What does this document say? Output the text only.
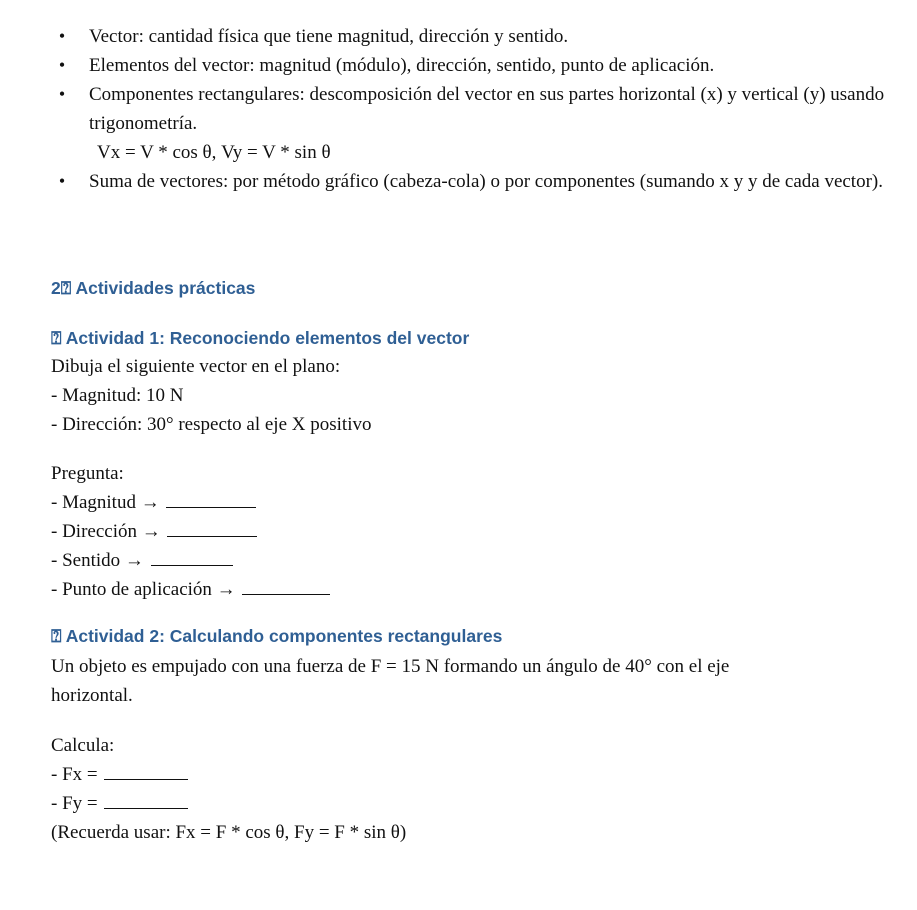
•	Vector: cantidad física que tiene magnitud, dirección y sentido.
•	Elementos del vector: magnitud (módulo), dirección, sentido, punto de aplicación.
•	Componentes rectangulares: descomposición del vector en sus partes horizontal (x) y vertical (y) usando trigonometría.
Vx = V * cos θ, Vy = V * sin θ
•	Suma de vectores: por método gráfico (cabeza-cola) o por componentes (sumando x y y de cada vector).
2⍰ Actividades prácticas
⍰ Actividad 1: Reconociendo elementos del vector
Dibuja el siguiente vector en el plano:
- Magnitud: 10 N
- Dirección: 30° respecto al eje X positivo
Pregunta:
- Magnitud →
- Dirección →
- Sentido →
- Punto de aplicación →
⍰ Actividad 2: Calculando componentes rectangulares
Un objeto es empujado con una fuerza de F = 15 N formando un ángulo de 40° con el eje
horizontal.
Calcula:
- Fx =
- Fy =
(Recuerda usar: Fx = F * cos θ, Fy = F * sin θ)
